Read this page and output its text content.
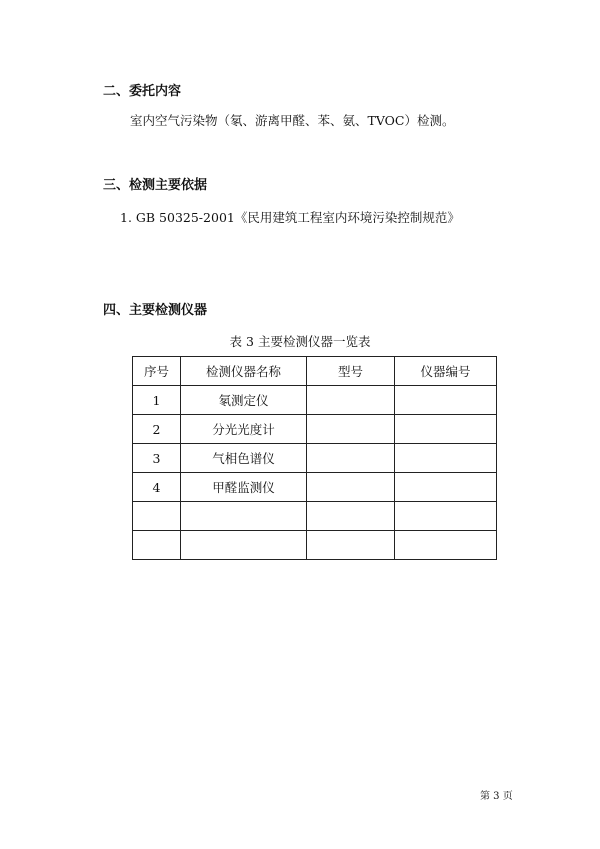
二、委托内容
室内空气污染物（氡、游离甲醛、苯、氨、TVOC）检测。
三、检测主要依据
1. GB 50325-2001《民用建筑工程室内环境污染控制规范》
四、主要检测仪器
表 3 主要检测仪器一览表
序号	检测仪器名称	型号	仪器编号
1	氡测定仪		
2	分光光度计		
3	气相色谱仪		
4	甲醛监测仪		

第 3 页
